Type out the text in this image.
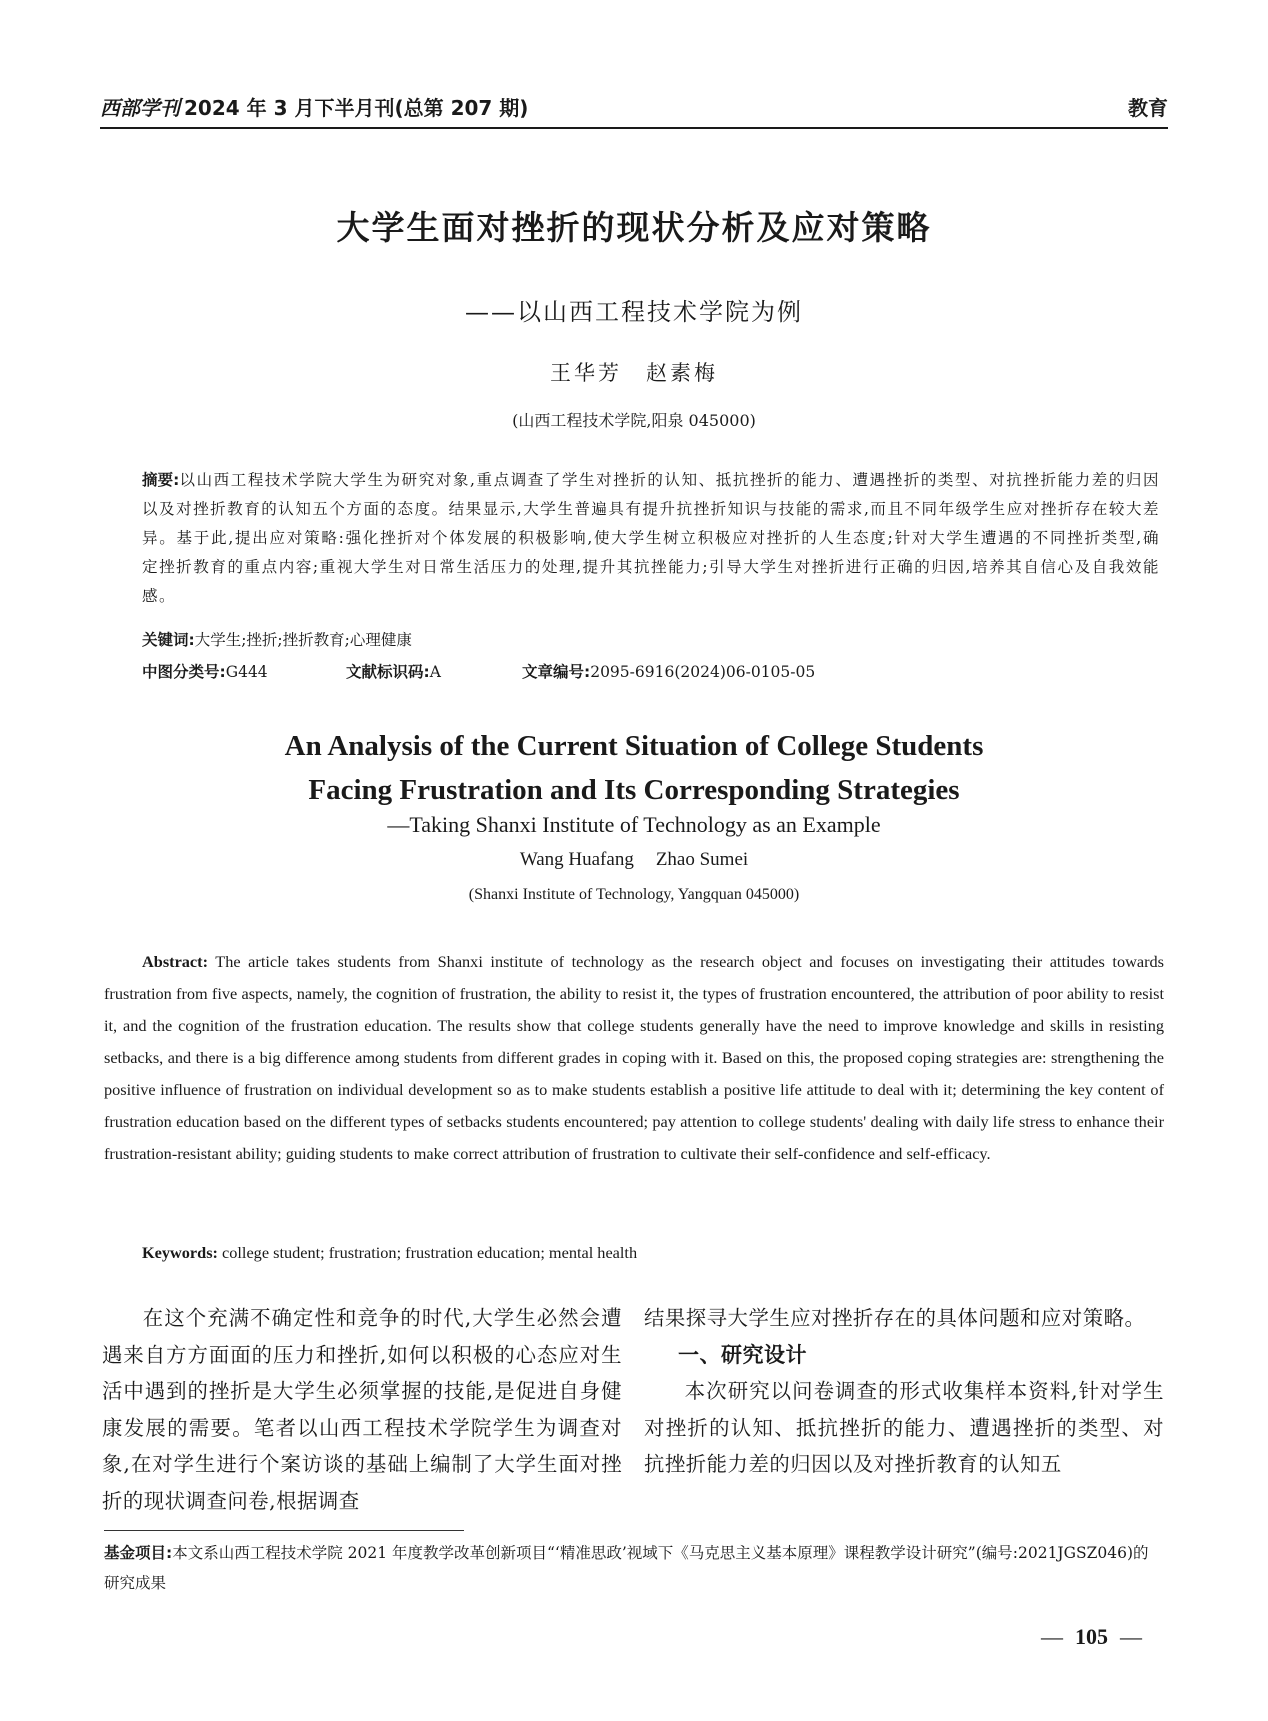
西部学刊 2024 年 3 月下半月刊(总第 207 期)	教育
大学生面对挫折的现状分析及应对策略
——以山西工程技术学院为例
王华芳　赵素梅
(山西工程技术学院,阳泉 045000)
摘要:以山西工程技术学院大学生为研究对象,重点调查了学生对挫折的认知、抵抗挫折的能力、遭遇挫折的类型、对抗挫折能力差的归因以及对挫折教育的认知五个方面的态度。结果显示,大学生普遍具有提升抗挫折知识与技能的需求,而且不同年级学生应对挫折存在较大差异。基于此,提出应对策略:强化挫折对个体发展的积极影响,使大学生树立积极应对挫折的人生态度;针对大学生遭遇的不同挫折类型,确定挫折教育的重点内容;重视大学生对日常生活压力的处理,提升其抗挫能力;引导大学生对挫折进行正确的归因,培养其自信心及自我效能感。
关键词:大学生;挫折;挫折教育;心理健康
中图分类号:G444	文献标识码:A	文章编号:2095-6916(2024)06-0105-05
An Analysis of the Current Situation of College Students
Facing Frustration and Its Corresponding Strategies
—Taking Shanxi Institute of Technology as an Example
Wang Huafang Zhao Sumei
(Shanxi Institute of Technology, Yangquan 045000)
Abstract: The article takes students from Shanxi institute of technology as the research object and focuses on investigating their attitudes towards frustration from five aspects, namely, the cognition of frustration, the ability to resist it, the types of frustration encountered, the attribution of poor ability to resist it, and the cognition of the frustration education. The results show that college students generally have the need to improve knowledge and skills in resisting setbacks, and there is a big difference among students from different grades in coping with it. Based on this, the proposed coping strategies are: strengthening the positive influence of frustration on individual development so as to make students establish a positive life attitude to deal with it; determining the key content of frustration education based on the different types of setbacks students encountered; pay attention to college students' dealing with daily life stress to enhance their frustration-resistant ability; guiding students to make correct attribution of frustration to cultivate their self-confidence and self-efficacy.
Keywords: college student; frustration; frustration education; mental health

在这个充满不确定性和竞争的时代,大学生必然会遭遇来自方方面面的压力和挫折,如何以积极的心态应对生活中遇到的挫折是大学生必须掌握的技能,是促进自身健康发展的需要。笔者以山西工程技术学院学生为调查对象,在对学生进行个案访谈的基础上编制了大学生面对挫折的现状调查问卷,根据调查

结果探寻大学生应对挫折存在的具体问题和应对策略。

一、研究设计

本次研究以问卷调查的形式收集样本资料,针对学生对挫折的认知、抵抗挫折的能力、遭遇挫折的类型、对抗挫折能力差的归因以及对挫折教育的认知五

基金项目:本文系山西工程技术学院 2021 年度教学改革创新项目“‘精准思政’视域下《马克思主义基本原理》课程教学设计研究”(编号:2021JGSZ046)的研究成果
— 105 —
